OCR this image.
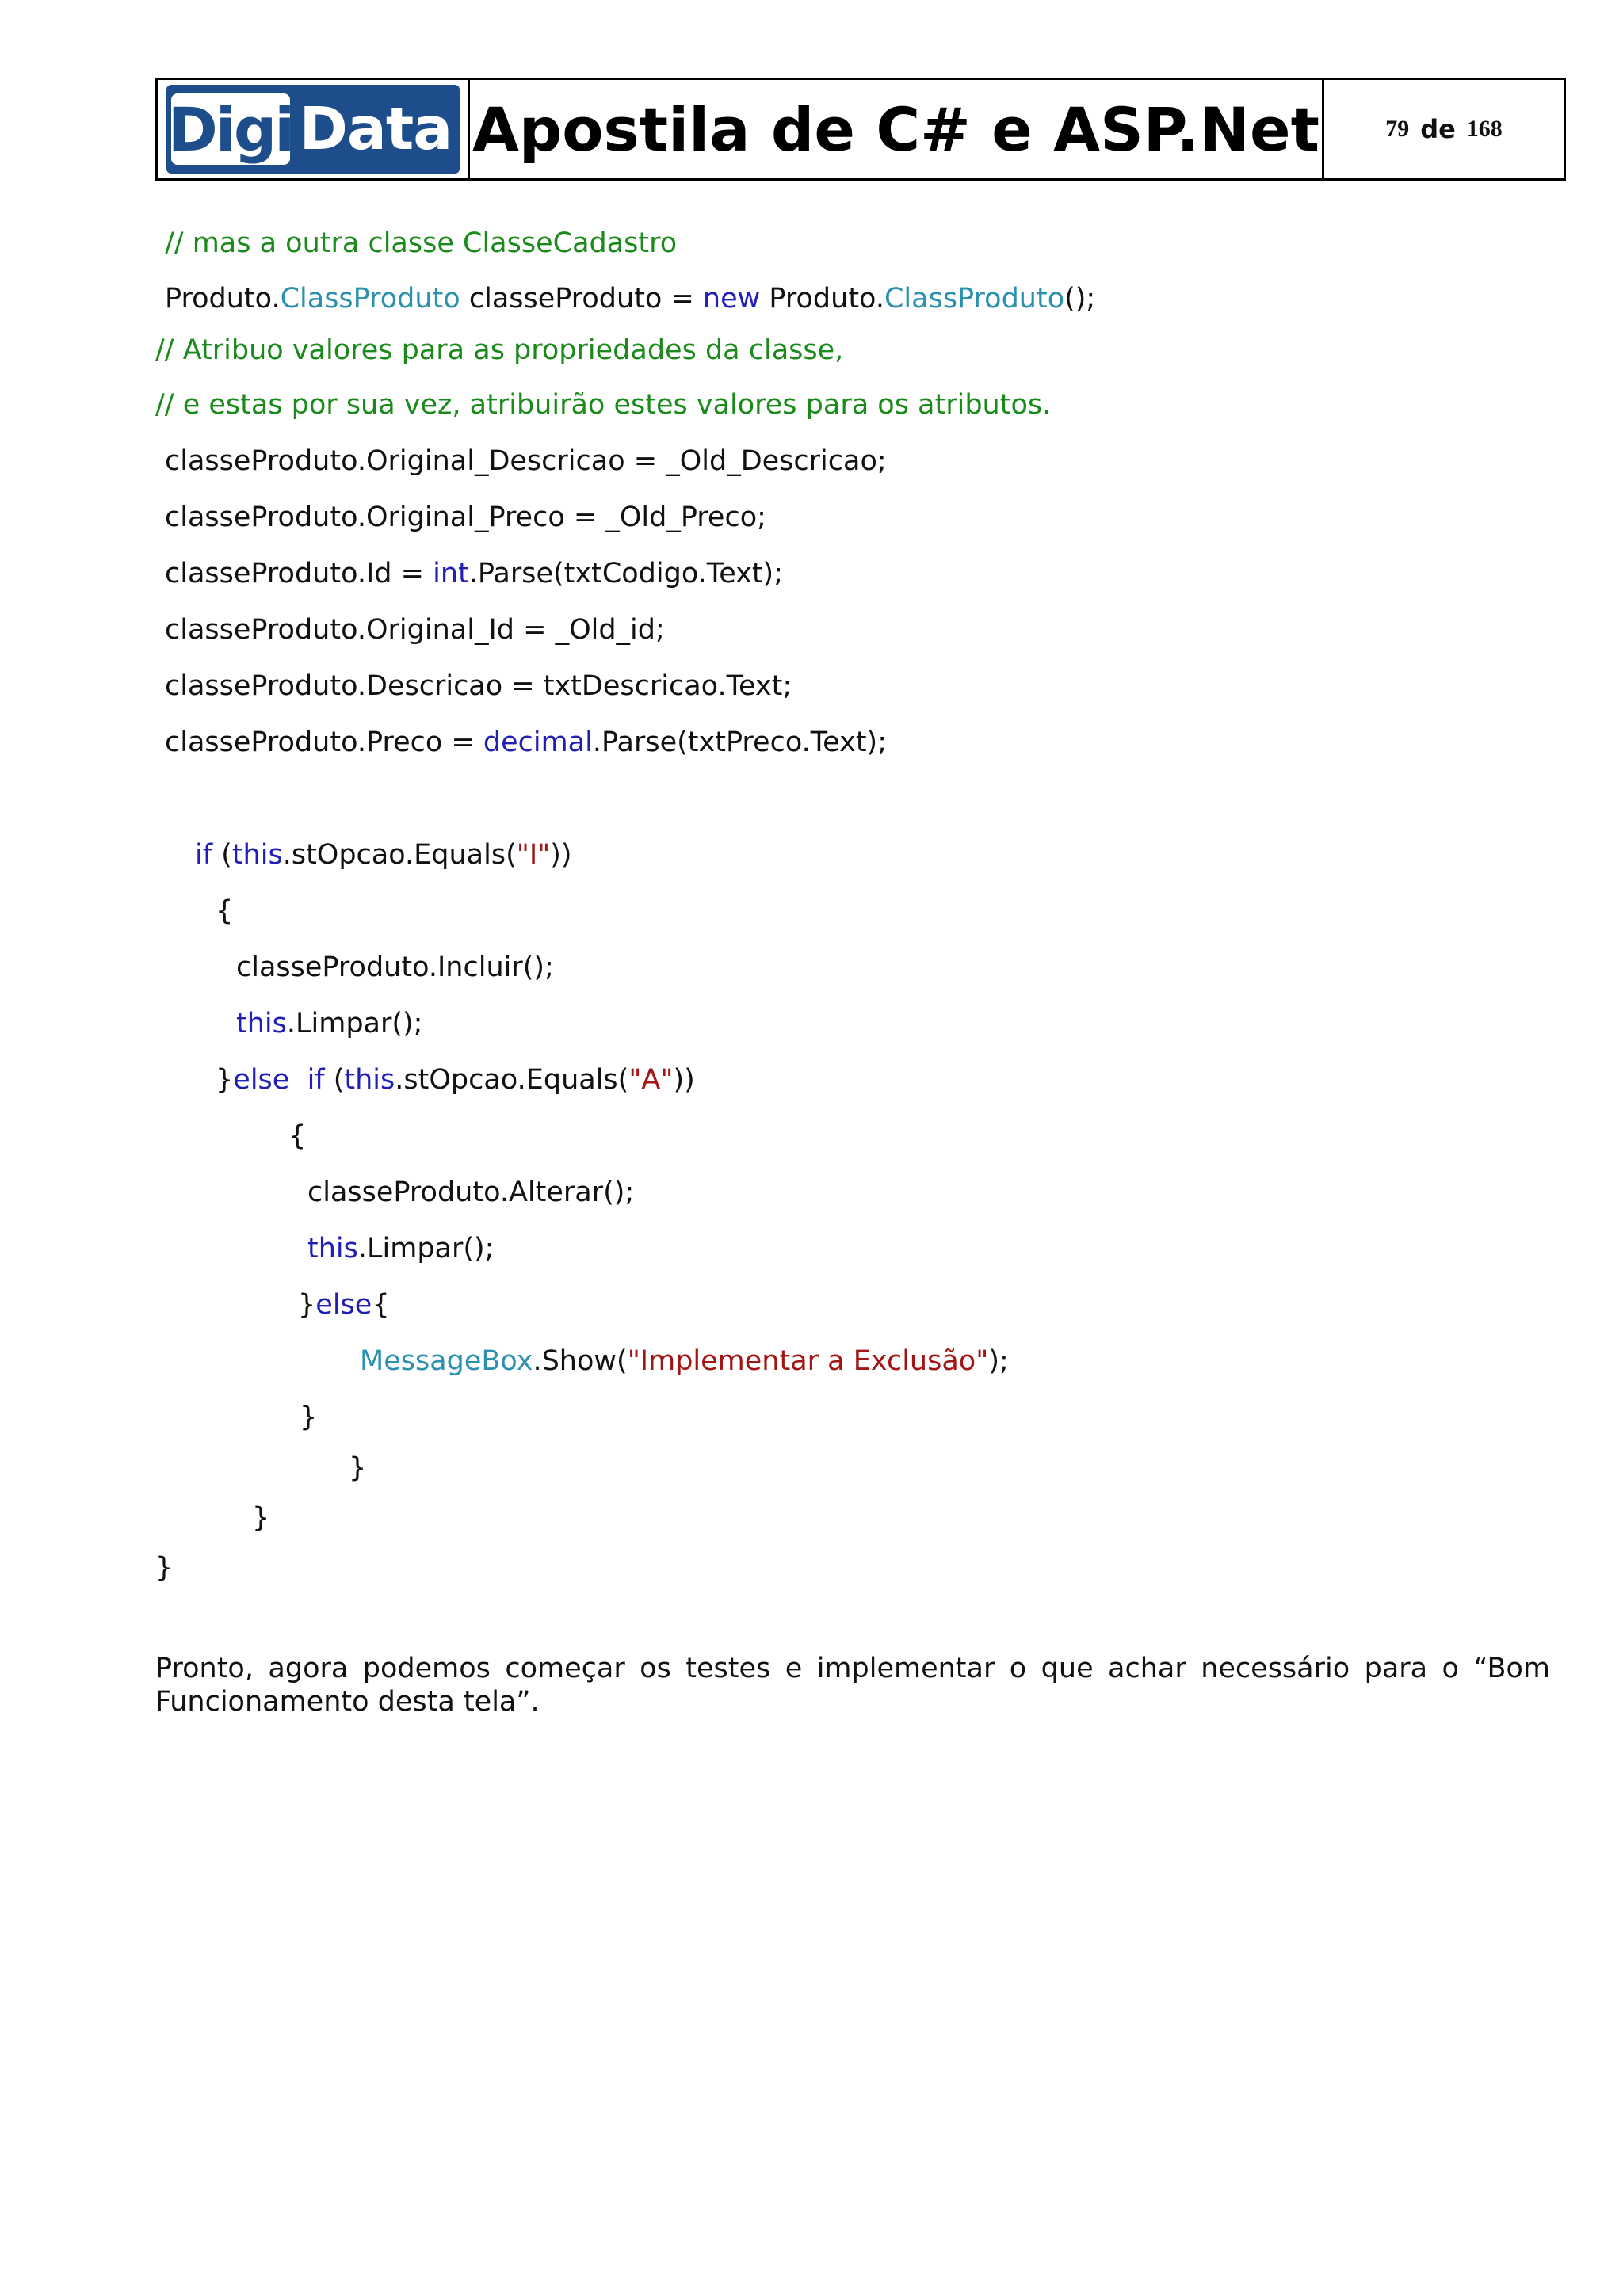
Digi Data Apostila de C# e ASP.Net	79 de 168
// mas a outra classe ClasseCadastro
Produto.ClassProduto classeProduto = new Produto.ClassProduto();
// Atribuo valores para as propriedades da classe,
// e estas por sua vez, atribuirão estes valores para os atributos.
classeProduto.Original_Descricao = _Old_Descricao;
classeProduto.Original_Preco = _Old_Preco;
classeProduto.Id = int.Parse(txtCodigo.Text);
classeProduto.Original_Id = _Old_id;
classeProduto.Descricao = txtDescricao.Text;
classeProduto.Preco = decimal.Parse(txtPreco.Text);
if (this.stOpcao.Equals("I"))
{
classeProduto.Incluir();
this.Limpar();
}else if (this.stOpcao.Equals("A"))
{
classeProduto.Alterar();
this.Limpar();
}else{
MessageBox.Show("Implementar a Exclusão");
}
}
}
}
Pronto, agora podemos começar os testes e implementar o que achar necessário para o “Bom Funcionamento desta tela”.
